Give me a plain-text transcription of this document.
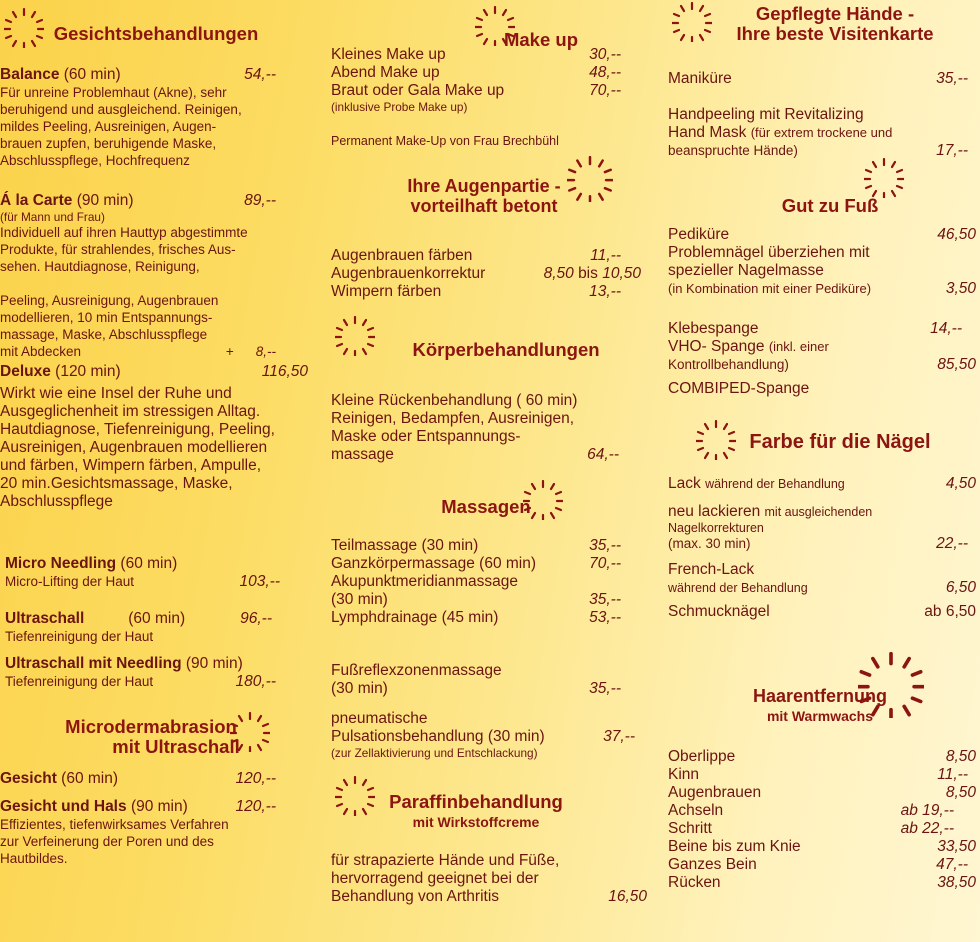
Gesichtsbehandlungen
Balance (60 min)	54,--
Für unreine Problemhaut (Akne), sehr
beruhigend und ausgleichend. Reinigen,
mildes Peeling, Ausreinigen, Augen-
brauen zupfen, beruhigende Maske,
Abschlusspflege, Hochfrequenz
Á la Carte (90 min)	89,--
(für Mann und Frau)
Individuell auf ihren Hauttyp abgestimmte
Produkte, für strahlendes, frisches Aus-
sehen. Hautdiagnose, Reinigung,
Peeling, Ausreinigung, Augenbrauen
modellieren, 10 min Entspannungs-
massage, Maske, Abschlusspflege
mit Abdecken	+ 8,--
Deluxe (120 min)	116,50
Wirkt wie eine Insel der Ruhe und
Ausgeglichenheit im stressigen Alltag.
Hautdiagnose, Tiefenreinigung, Peeling,
Ausreinigen, Augenbrauen modellieren
und färben, Wimpern färben, Ampulle,
20 min.Gesichtsmassage, Maske,
Abschlusspflege
Micro Needling (60 min)
Micro-Lifting der Haut	103,--
Ultraschall	(60 min)	96,--
Tiefenreinigung der Haut
Ultraschall mit Needling (90 min)
Tiefenreinigung der Haut	180,--
Microdermabrasion
mit Ultraschall
Gesicht (60 min)	120,--
Gesicht und Hals (90 min)	120,--
Effizientes, tiefenwirksames Verfahren
zur Verfeinerung der Poren und des
Hautbildes.
Make up
Kleines Make up	30,--
Abend Make up	48,--
Braut oder Gala Make up	70,--
(inklusive Probe Make up)
Permanent Make-Up von Frau Brechbühl
Ihre Augenpartie -
vorteilhaft betont
Augenbrauen färben	11,--
Augenbrauenkorrektur	8,50 bis 10,50
Wimpern färben	13,--
Körperbehandlungen
Kleine Rückenbehandlung ( 60 min)
Reinigen, Bedampfen, Ausreinigen,
Maske oder Entspannungs-
massage	64,--
Massagen
Teilmassage (30 min)	35,--
Ganzkörpermassage (60 min)	70,--
Akupunktmeridianmassage
(30 min)	35,--
Lymphdrainage (45 min)	53,--
Fußreflexzonenmassage
(30 min)	35,--
pneumatische
Pulsationsbehandlung (30 min)	37,--
(zur Zellaktivierung und Entschlackung)
Paraffinbehandlung
mit Wirkstoffcreme
für strapazierte Hände und Füße,
hervorragend geeignet bei der
Behandlung von Arthritis	16,50
Gepflegte Hände -
Ihre beste Visitenkarte
Maniküre	35,--
Handpeeling mit Revitalizing
Hand Mask (für extrem trockene und
beanspruchte Hände)	17,--
Gut zu Fuß
Pediküre	46,50
Problemnägel überziehen mit
spezieller Nagelmasse
(in Kombination mit einer Pediküre)	3,50
Klebespange	14,--
VHO- Spange (inkl. einer
Kontrollbehandlung)	85,50
COMBIPED-Spange
Farbe für die Nägel
Lack während der Behandlung	4,50
neu lackieren mit ausgleichenden
Nagelkorrekturen
(max. 30 min)	22,--
French-Lack
während der Behandlung	6,50
Schmucknägel	ab 6,50
Haarentfernung
mit Warmwachs
Oberlippe	8,50
Kinn	11,--
Augenbrauen	8,50
Achseln	ab 19,--
Schritt	ab 22,--
Beine bis zum Knie	33,50
Ganzes Bein	47,--
Rücken	38,50
